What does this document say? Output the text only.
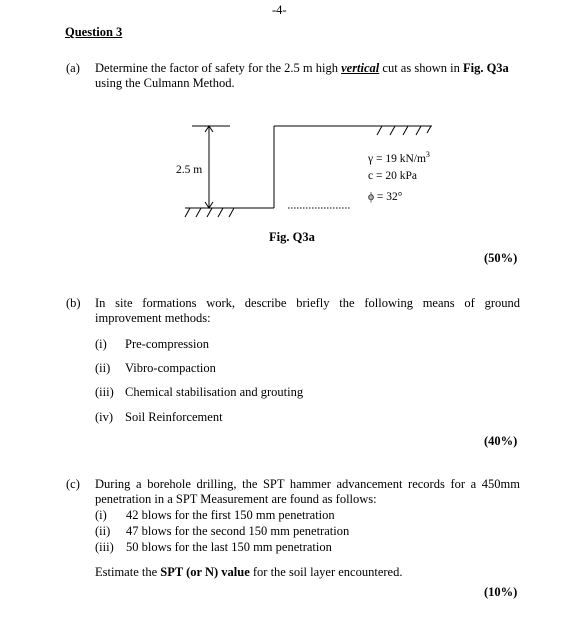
-4-
Question 3
(a) Determine the factor of safety for the 2.5 m high vertical cut as shown in Fig. Q3a
using the Culmann Method.
2.5 m
γ = 19 $kN/m^3$
c = 20 kPa
ϕ = 32°
Fig. Q3a
(50%)
(b) In site formations work, describe briefly the following means of ground
improvement methods:
(i) Pre-compression
(ii) Vibro-compaction
(iii) Chemical stabilisation and grouting
(iv) Soil Reinforcement
(40%)
(c) During a borehole drilling, the SPT hammer advancement records for a 450mm
penetration in a SPT Measurement are found as follows:
(i) 42 blows for the first 150 mm penetration
(ii) 47 blows for the second 150 mm penetration
(iii) 50 blows for the last 150 mm penetration
Estimate the SPT (or N) value for the soil layer encountered.
(10%)
